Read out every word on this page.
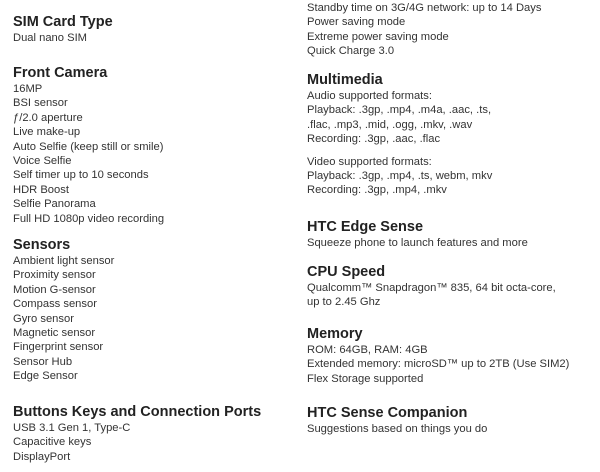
SIM Card Type
Dual nano SIM
Front Camera
16MP
BSI sensor
ƒ/2.0 aperture
Live make-up
Auto Selfie (keep still or smile)
Voice Selfie
Self timer up to 10 seconds
HDR Boost
Selfie Panorama
Full HD 1080p video recording
Sensors
Ambient light sensor
Proximity sensor
Motion G-sensor
Compass sensor
Gyro sensor
Magnetic sensor
Fingerprint sensor
Sensor Hub
Edge Sensor
Buttons Keys and Connection Ports
USB 3.1 Gen 1, Type-C
Capacitive keys
DisplayPort
Standby time on 3G/4G network: up to 14 Days
Power saving mode
Extreme power saving mode
Quick Charge 3.0
Multimedia
Audio supported formats:
Playback: .3gp, .mp4, .m4a, .aac, .ts,
.flac, .mp3, .mid, .ogg, .mkv, .wav
Recording: .3gp, .aac, .flac
Video supported formats:
Playback: .3gp, .mp4, .ts, webm, mkv
Recording: .3gp, .mp4, .mkv
HTC Edge Sense
Squeeze phone to launch features and more
CPU Speed
Qualcomm™ Snapdragon™ 835, 64 bit octa-core,
up to 2.45 Ghz
Memory
ROM: 64GB, RAM: 4GB
Extended memory: microSD™ up to 2TB (Use SIM2)
Flex Storage supported
HTC Sense Companion
Suggestions based on things you do
